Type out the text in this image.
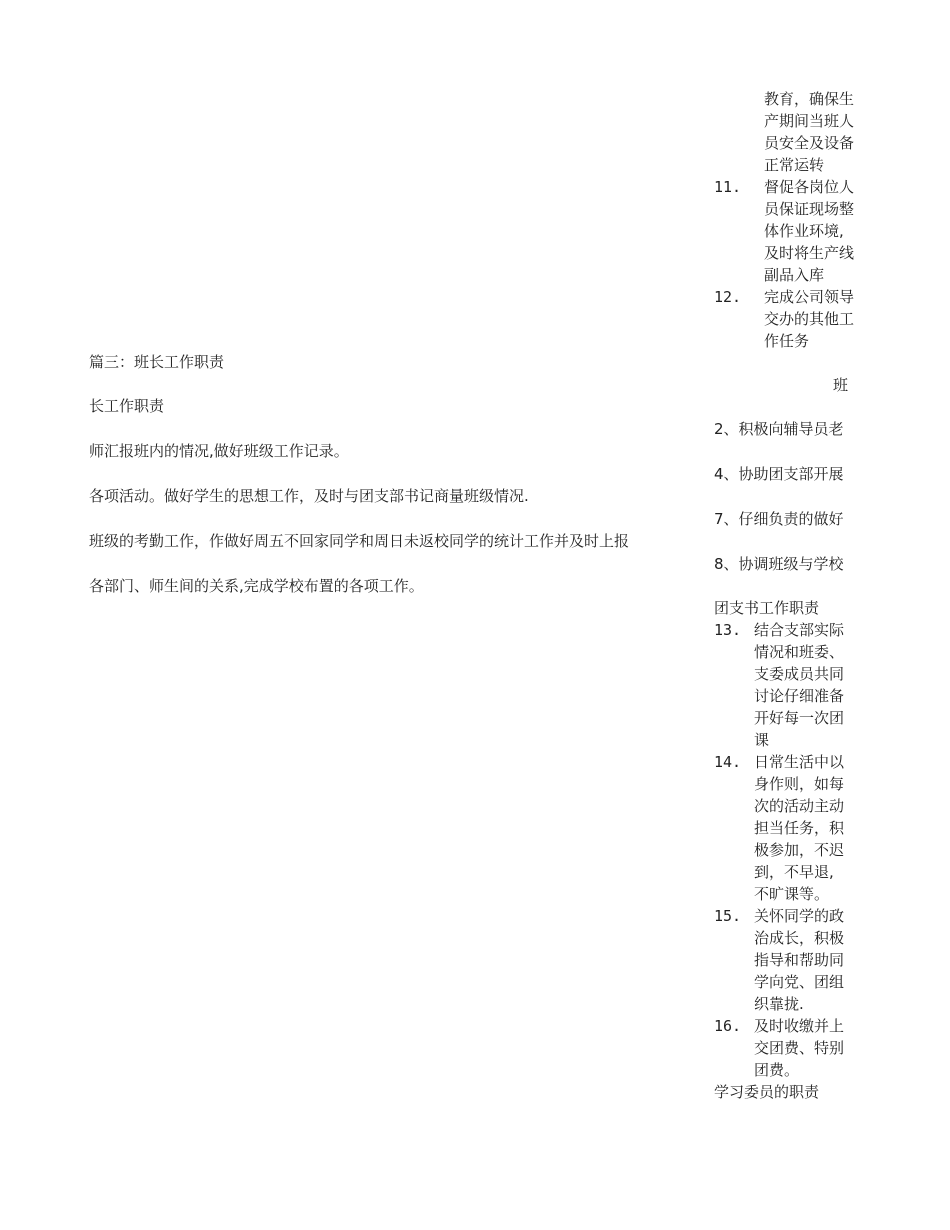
篇三：班长工作职责
长工作职责
师汇报班内的情况,做好班级工作记录。
各项活动。做好学生的思想工作，及时与团支部书记商量班级情况.
班级的考勤工作，作做好周五不回家同学和周日未返校同学的统计工作并及时上报
各部门、师生间的关系,完成学校布置的各项工作。
教育，确保生
产期间当班人
员安全及设备
正常运转
11. 督促各岗位人
员保证现场整
体作业环境,
及时将生产线
副品入库
12. 完成公司领导
交办的其他工
作任务
班
2、积极向辅导员老
4、协助团支部开展
7、仔细负责的做好
8、协调班级与学校
团支书工作职责
13. 结合支部实际
情况和班委、
支委成员共同
讨论仔细准备
开好每一次团
课
14. 日常生活中以
身作则，如每
次的活动主动
担当任务，积
极参加，不迟
到，不早退,
不旷课等。
15. 关怀同学的政
治成长，积极
指导和帮助同
学向党、团组
织靠拢.
16. 及时收缴并上
交团费、特别
团费。
学习委员的职责
